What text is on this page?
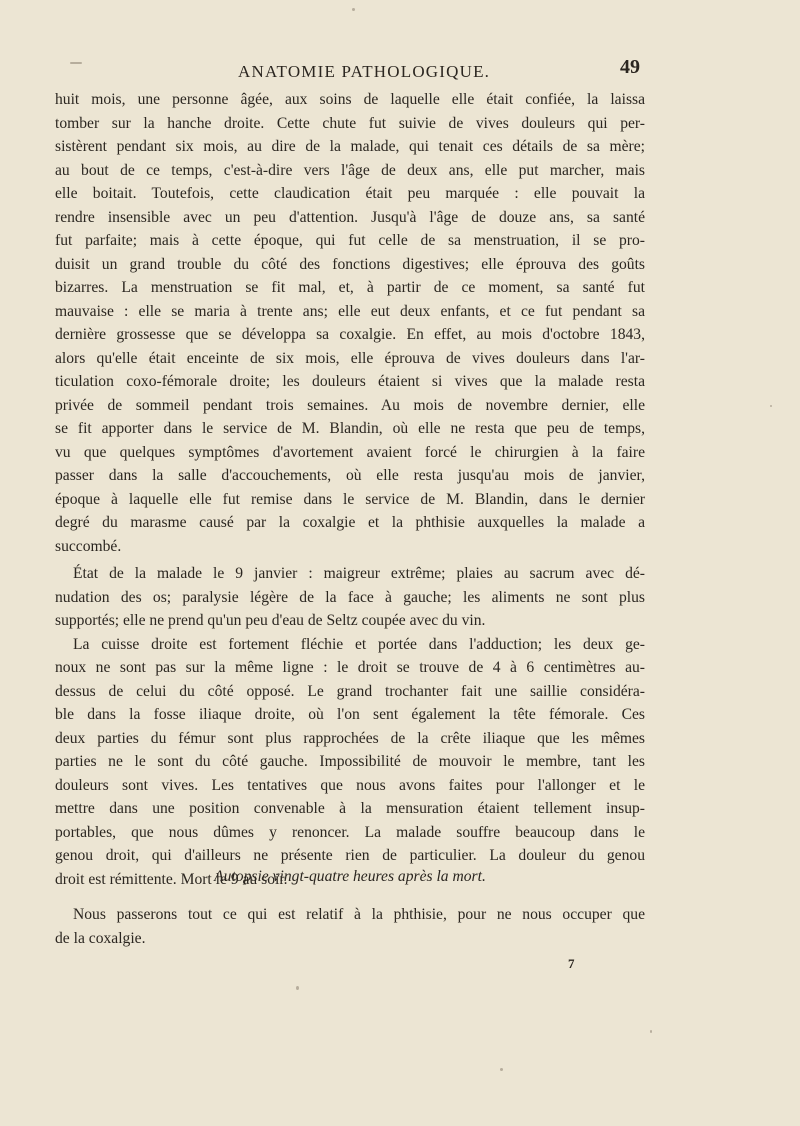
ANATOMIE PATHOLOGIQUE.	49
huit mois, une personne âgée, aux soins de laquelle elle était confiée, la laissa
tomber sur la hanche droite. Cette chute fut suivie de vives douleurs qui per-
sistèrent pendant six mois, au dire de la malade, qui tenait ces détails de sa mère;
au bout de ce temps, c'est-à-dire vers l'âge de deux ans, elle put marcher, mais
elle boitait. Toutefois, cette claudication était peu marquée : elle pouvait la
rendre insensible avec un peu d'attention. Jusqu'à l'âge de douze ans, sa santé
fut parfaite; mais à cette époque, qui fut celle de sa menstruation, il se pro-
duisit un grand trouble du côté des fonctions digestives; elle éprouva des goûts
bizarres. La menstruation se fit mal, et, à partir de ce moment, sa santé fut
mauvaise : elle se maria à trente ans; elle eut deux enfants, et ce fut pendant sa
dernière grossesse que se développa sa coxalgie. En effet, au mois d'octobre 1843,
alors qu'elle était enceinte de six mois, elle éprouva de vives douleurs dans l'ar-
ticulation coxo-fémorale droite; les douleurs étaient si vives que la malade resta
privée de sommeil pendant trois semaines. Au mois de novembre dernier, elle
se fit apporter dans le service de M. Blandin, où elle ne resta que peu de temps,
vu que quelques symptômes d'avortement avaient forcé le chirurgien à la faire
passer dans la salle d'accouchements, où elle resta jusqu'au mois de janvier,
époque à laquelle elle fut remise dans le service de M. Blandin, dans le dernier
degré du marasme causé par la coxalgie et la phthisie auxquelles la malade a
succombé.
État de la malade le 9 janvier : maigreur extrême; plaies au sacrum avec dé-
nudation des os; paralysie légère de la face à gauche; les aliments ne sont plus
supportés; elle ne prend qu'un peu d'eau de Seltz coupée avec du vin.
La cuisse droite est fortement fléchie et portée dans l'adduction; les deux ge-
noux ne sont pas sur la même ligne : le droit se trouve de 4 à 6 centimètres au-
dessus de celui du côté opposé. Le grand trochanter fait une saillie considéra-
ble dans la fosse iliaque droite, où l'on sent également la tête fémorale. Ces
deux parties du fémur sont plus rapprochées de la crête iliaque que les mêmes
parties ne le sont du côté gauche. Impossibilité de mouvoir le membre, tant les
douleurs sont vives. Les tentatives que nous avons faites pour l'allonger et le
mettre dans une position convenable à la mensuration étaient tellement insup-
portables, que nous dûmes y renoncer. La malade souffre beaucoup dans le
genou droit, qui d'ailleurs ne présente rien de particulier. La douleur du genou
droit est rémittente. Mort le 9 au soir.
Autopsie vingt-quatre heures après la mort.
Nous passerons tout ce qui est relatif à la phthisie, pour ne nous occuper que
de la coxalgie.
7
